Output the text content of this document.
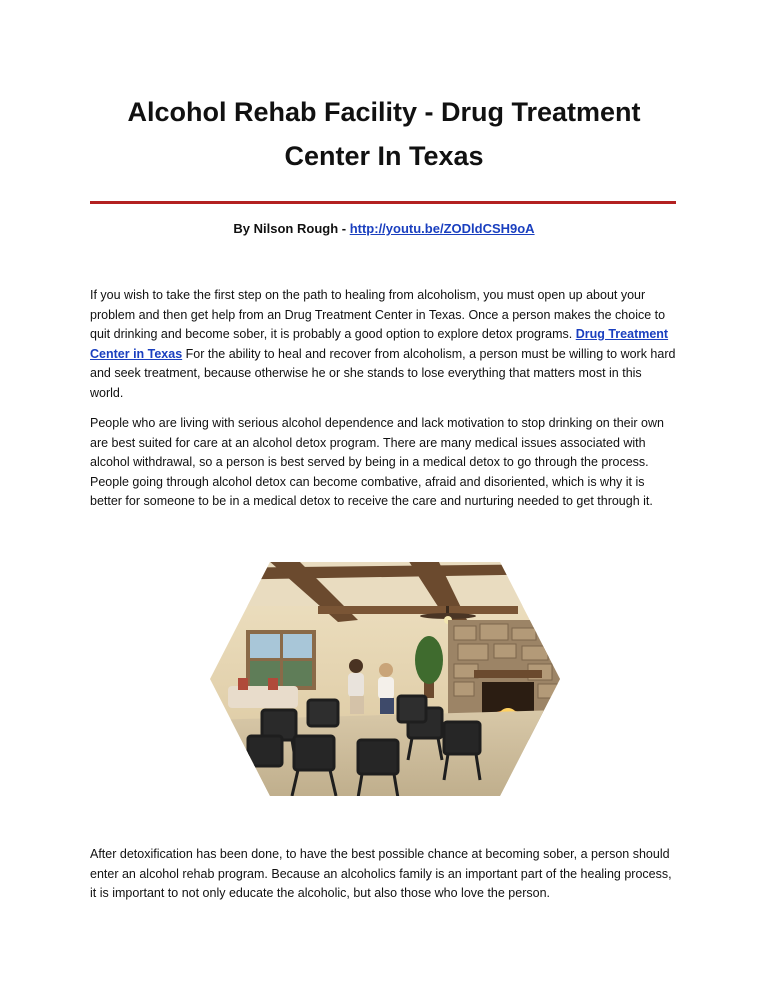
Alcohol Rehab Facility - Drug Treatment Center In Texas
By Nilson Rough - http://youtu.be/ZODldCSH9oA

If you wish to take the first step on the path to healing from alcoholism, you must open up about your problem and then get help from an Drug Treatment Center in Texas. Once a person makes the choice to quit drinking and become sober, it is probably a good option to explore detox programs. Drug Treatment Center in Texas For the ability to heal and recover from alcoholism, a person must be willing to work hard and seek treatment, because otherwise he or she stands to lose everything that matters most in this world.

People who are living with serious alcohol dependence and lack motivation to stop drinking on their own are best suited for care at an alcohol detox program. There are many medical issues associated with alcohol withdrawal, so a person is best served by being in a medical detox to go through the process. People going through alcohol detox can become combative, afraid and disoriented, which is why it is better for someone to be in a medical detox to receive the care and nurturing needed to get through it.

After detoxification has been done, to have the best possible chance at becoming sober, a person should enter an alcohol rehab program. Because an alcoholics family is an important part of the healing process, it is important to not only educate the alcoholic, but also those who love the person.
